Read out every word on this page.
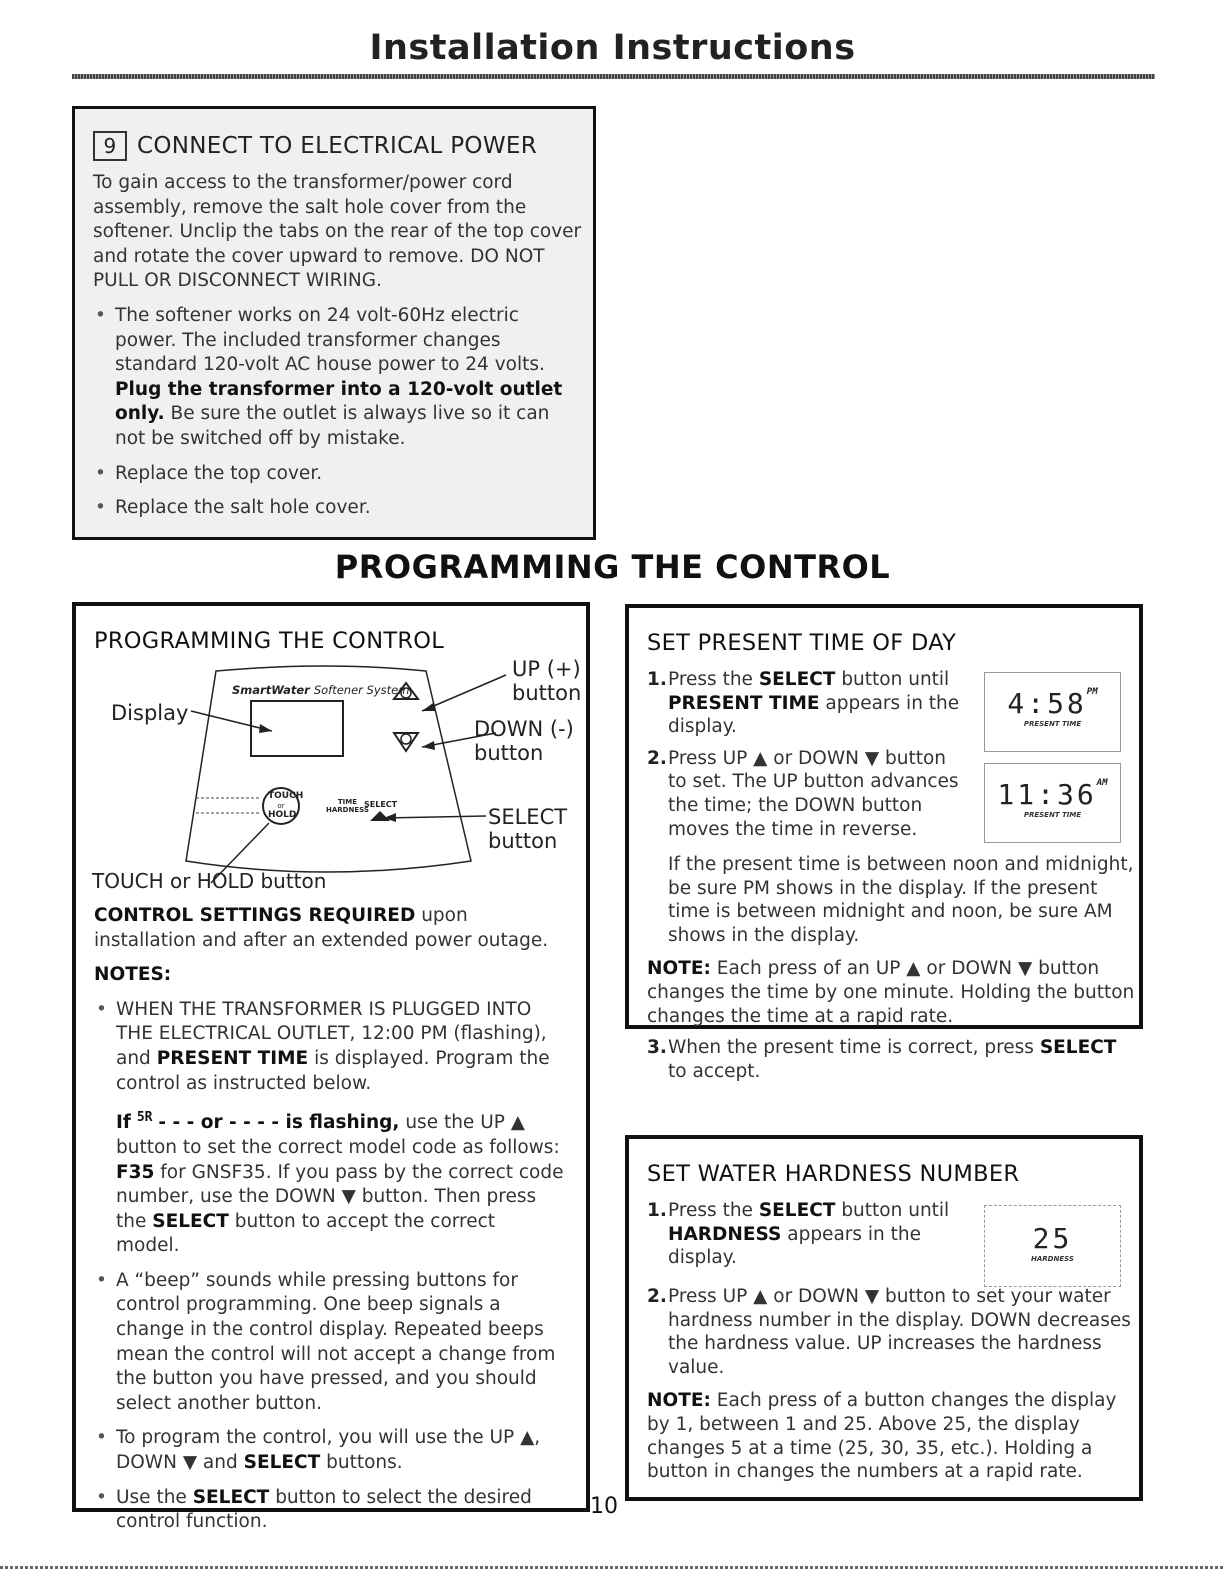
Installation Instructions
9 CONNECT TO ELECTRICAL POWER

To gain access to the transformer/power cord assembly, remove the salt hole cover from the softener. Unclip the tabs on the rear of the top cover and rotate the cover upward to remove. DO NOT PULL OR DISCONNECT WIRING.

• The softener works on 24 volt-60Hz electric power. The included transformer changes standard 120-volt AC house power to 24 volts. Plug the transformer into a 120-volt outlet only. Be sure the outlet is always live so it can not be switched off by mistake.
• Replace the top cover.
• Replace the salt hole cover.
PROGRAMMING THE CONTROL
PROGRAMMING THE CONTROL
SmartWater Softener System
TOUCH
or
HOLD
TIME
HARDNESS
SELECT
Display
UP (+)
button
DOWN (-)
button
SELECT
button
TOUCH or HOLD button

CONTROL SETTINGS REQUIRED upon installation and after an extended power outage.

NOTES:

• WHEN THE TRANSFORMER IS PLUGGED INTO THE ELECTRICAL OUTLET, 12:00 PM (flashing), and PRESENT TIME is displayed. Program the control as instructed below.

If $^{5R}$ - - - or - - - - is flashing, use the UP ▲ button to set the correct model code as follows: F35 for GNSF35. If you pass by the correct code number, use the DOWN ▼ button. Then press the SELECT button to accept the correct model.

• A “beep” sounds while pressing buttons for control programming. One beep signals a change in the control display. Repeated beeps mean the control will not accept a change from the button you have pressed, and you should select another button.
• To program the control, you will use the UP ▲, DOWN ▼ and SELECT buttons.
• Use the SELECT button to select the desired control function.
10
SET PRESENT TIME OF DAY
1. Press the SELECT button until PRESENT TIME appears in the display.
2. Press UP ▲ or DOWN ▼ button to set. The UP button advances the time; the DOWN button moves the time in reverse.
$4:58^{PM}$
PRESENT TIME
$11:36^{AM}$
PRESENT TIME

If the present time is between noon and midnight, be sure PM shows in the display. If the present time is between midnight and noon, be sure AM shows in the display.

NOTE: Each press of an UP ▲ or DOWN ▼ button changes the time by one minute. Holding the button changes the time at a rapid rate.

3. When the present time is correct, press SELECT to accept.
SET WATER HARDNESS NUMBER
1. Press the SELECT button until HARDNESS appears in the display.
25
HARDNESS
2. Press UP ▲ or DOWN ▼ button to set your water hardness number in the display. DOWN decreases the hardness value. UP increases the hardness value.

NOTE: Each press of a button changes the display by 1, between 1 and 25. Above 25, the display changes 5 at a time (25, 30, 35, etc.). Holding a button in changes the numbers at a rapid rate.
